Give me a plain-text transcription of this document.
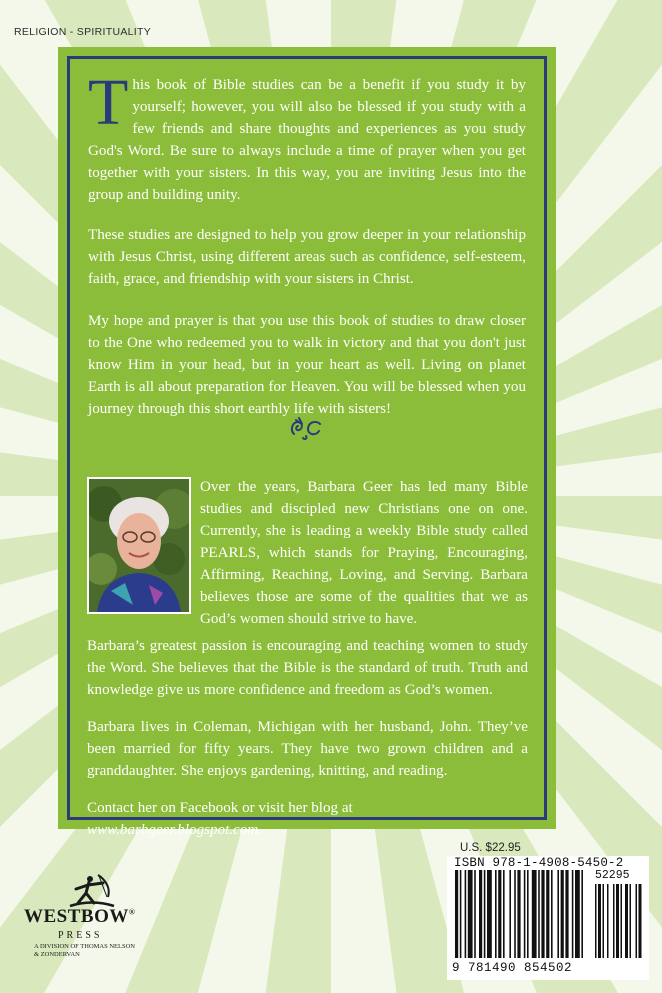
RELIGION - SPIRITUALITY

This book of Bible studies can be a benefit if you study it by yourself; however, you will also be blessed if you study with a few friends and share thoughts and experiences as you study God's Word. Be sure to always include a time of prayer when you get together with your sisters. In this way, you are inviting Jesus into the group and building unity.

These studies are designed to help you grow deeper in your relationship with Jesus Christ, using different areas such as confidence, self-esteem, faith, grace, and friendship with your sisters in Christ.

My hope and prayer is that you use this book of studies to draw closer to the One who redeemed you to walk in victory and that you don't just know Him in your head, but in your heart as well. Living on planet Earth is all about preparation for Heaven. You will be blessed when you journey through this short earthly life with sisters!

Over the years, Barbara Geer has led many Bible studies and discipled new Christians one on one. Currently, she is leading a weekly Bible study called PEARLS, which stands for Praying, Encouraging, Affirming, Reaching, Loving, and Serving. Barbara believes those are some of the qualities that we as God’s women should strive to have.

Barbara’s greatest passion is encouraging and teaching women to study the Word. She believes that the Bible is the standard of truth. Truth and knowledge give us more confidence and freedom as God’s women.

Barbara lives in Coleman, Michigan with her husband, John. They’ve been married for fifty years. They have two grown children and a granddaughter. She enjoys gardening, knitting, and reading.

Contact her on Facebook or visit her blog at www.barbgeer.blogspot.com.

WESTBOW®
PRESS
A DIVISION OF THOMAS NELSON
& ZONDERVAN
U.S. $22.95
ISBN 978-1-4908-5450-2
52295
9 781490 854502
